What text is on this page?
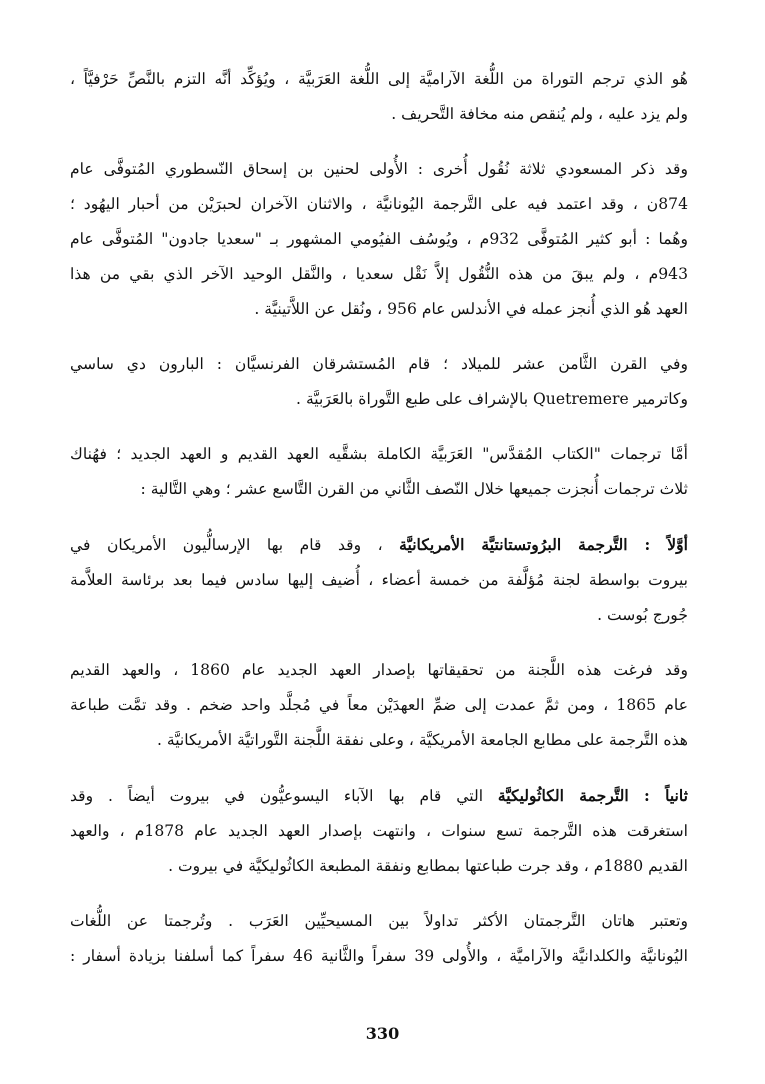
هُو الذي ترجم التوراة من اللُّغة الآراميَّة إلى اللُّغة العَرَبيَّة ، ويُؤكِّد أنَّه التزم بالنَّصِّ حَرْفيَّاً ،
ولم يزد عليه ، ولم يُنقص منه مخافة التَّحريف .

وقد ذكر المسعودي ثلاثة نُقُول أُخرى : الأُولى لحنين بن إسحاق النّسطوري المُتوفَّى عام
874ن ، وقد اعتمد فيه على التَّرجمة اليُونانيَّة ، والاثنان الآخران لحبرَيْن من أحبار اليهُود ؛
وهُما : أبو كثير المُتوفَّى 932م ، ويُوسُف الفيُومي المشهور بـ "سعديا جادون" المُتوفَّى عام
943م ، ولم يبقَ من هذه النُّقُول إلاَّ نَقْل سعديا ، والنَّقل الوحيد الآخر الذي بقي من هذا
العهد هُو الذي أُنجز عمله في الأندلس عام 956 ، ونُقل عن اللاَّتينيَّة .

وفي القرن الثَّامن عشر للميلاد ؛ قام المُستشرقان الفرنسيَّان : البارون دي ساسي
وكاترمير Quetremere بالإشراف على طبع التَّوراة بالعَرَبيَّة .

أمَّا ترجمات "الكتاب المُقدَّس" العَرَبيَّة الكاملة بشقَّيه العهد القديم و العهد الجديد ؛ فهُناك
ثلاث ترجمات أُنجزت جميعها خلال النّصف الثَّاني من القرن التَّاسع عشر ؛ وهي التَّالية :

أوَّلاً : التَّرجمة البرُوتستانتيَّة الأمريكانيَّة ، وقد قام بها الإرسالُّيون الأمريكان في
بيروت بواسطة لجنة مُؤلَّفة من خمسة أعضاء ، أُضيف إليها سادس فيما بعد برئاسة العلاَّمة
جُورج بُوست .

وقد فرغت هذه اللَّجنة من تحقيقاتها بإصدار العهد الجديد عام 1860 ، والعهد القديم
عام 1865 ، ومن ثمَّ عمدت إلى ضمِّ العهدَيْن معاً في مُجلَّد واحد ضخم . وقد تمَّت طباعة
هذه التَّرجمة على مطابع الجامعة الأمريكيَّة ، وعلى نفقة اللَّجنة التَّوراتيَّة الأمريكانيَّة .

ثانياً : التَّرجمة الكاثُوليكيَّة التي قام بها الآباء اليسوعيُّون في بيروت أيضاً . وقد
استغرقت هذه التَّرجمة تسع سنوات ، وانتهت بإصدار العهد الجديد عام 1878م ، والعهد
القديم 1880م ، وقد جرت طباعتها بمطابع ونفقة المطبعة الكاثُوليكيَّة في بيروت .

وتعتبر هاتان التَّرجمتان الأكثر تداولاً بين المسيحيِّين العَرَب . وتُرجمتا عن اللُّغات
اليُونانيَّة والكلدانيَّة والآراميَّة ، والأُولى 39 سفراً والثَّانية 46 سفراً كما أسلفنا بزيادة أسفار :

330
